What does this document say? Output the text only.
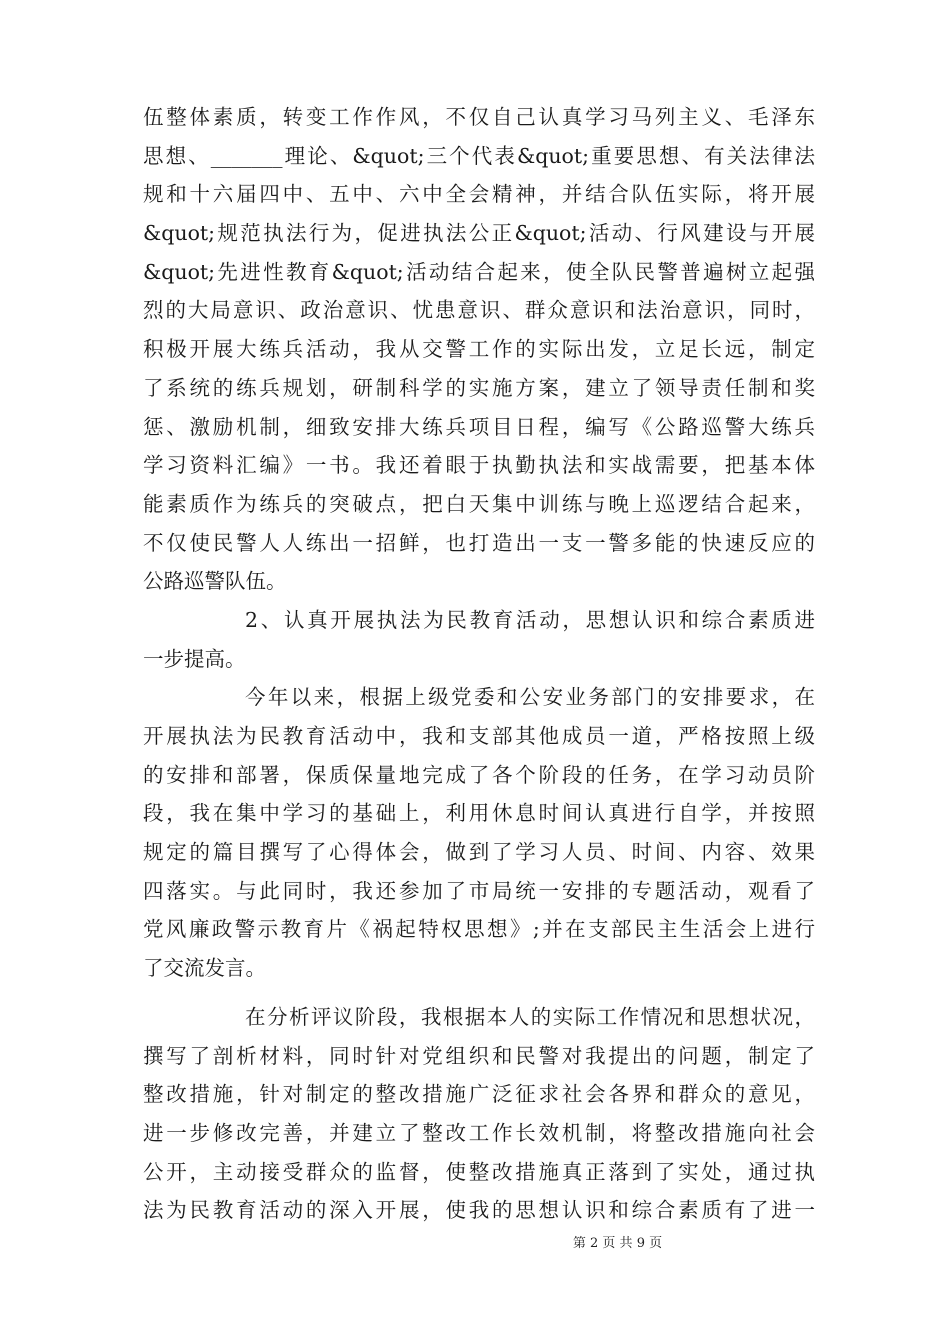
伍整体素质，转变工作作风，不仅自己认真学习马列主义、毛泽东
思想、_______理论、&quot;三个代表&quot;重要思想、有关法律法
规和十六届四中、五中、六中全会精神，并结合队伍实际，将开展
&quot;规范执法行为，促进执法公正&quot;活动、行风建设与开展
&quot;先进性教育&quot;活动结合起来，使全队民警普遍树立起强
烈的大局意识、政治意识、忧患意识、群众意识和法治意识，同时，
积极开展大练兵活动，我从交警工作的实际出发，立足长远，制定
了系统的练兵规划，研制科学的实施方案，建立了领导责任制和奖
惩、激励机制，细致安排大练兵项目日程，编写《公路巡警大练兵
学习资料汇编》一书。我还着眼于执勤执法和实战需要，把基本体
能素质作为练兵的突破点，把白天集中训练与晚上巡逻结合起来，
不仅使民警人人练出一招鲜，也打造出一支一警多能的快速反应的
公路巡警队伍。
2、认真开展执法为民教育活动，思想认识和综合素质进
一步提高。
今年以来，根据上级党委和公安业务部门的安排要求，在
开展执法为民教育活动中，我和支部其他成员一道，严格按照上级
的安排和部署，保质保量地完成了各个阶段的任务，在学习动员阶
段，我在集中学习的基础上，利用休息时间认真进行自学，并按照
规定的篇目撰写了心得体会，做到了学习人员、时间、内容、效果
四落实。与此同时，我还参加了市局统一安排的专题活动，观看了
党风廉政警示教育片《祸起特权思想》;并在支部民主生活会上进行
了交流发言。
在分析评议阶段，我根据本人的实际工作情况和思想状况，
撰写了剖析材料，同时针对党组织和民警对我提出的问题，制定了
整改措施，针对制定的整改措施广泛征求社会各界和群众的意见，
进一步修改完善，并建立了整改工作长效机制，将整改措施向社会
公开，主动接受群众的监督，使整改措施真正落到了实处，通过执
法为民教育活动的深入开展，使我的思想认识和综合素质有了进一
第 2 页 共 9 页
